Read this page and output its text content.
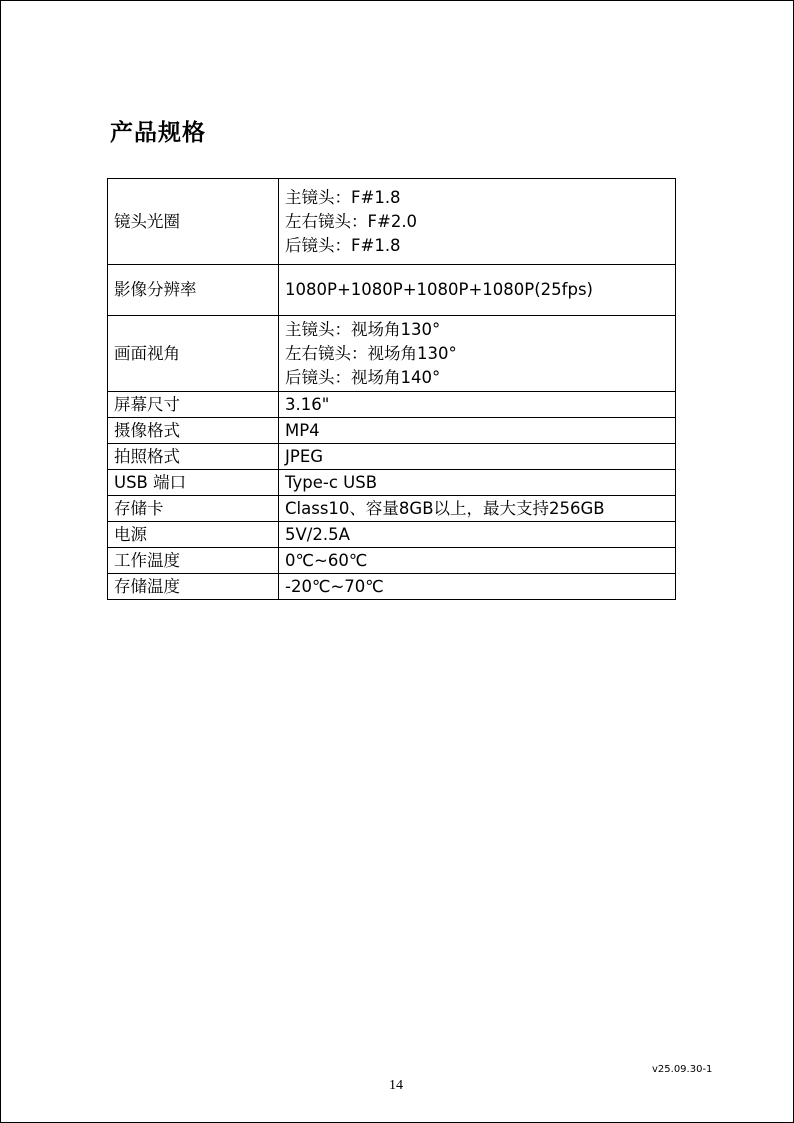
产品规格
镜头光圈	主镜头：F#1.8
左右镜头：F#2.0
后镜头：F#1.8

影像分辨率	1080P+1080P+1080P+1080P(25fps)
画面视角	主镜头：视场角130°
左右镜头：视场角130°
后镜头：视场角140°

屏幕尺寸	3.16"
摄像格式	MP4
拍照格式	JPEG
USB 端口	Type-c USB
存储卡	Class10、容量8GB以上，最大支持256GB
电源	5V/2.5A
工作温度	0℃~60℃
存储温度	-20℃~70℃
v25.09.30-1
14
